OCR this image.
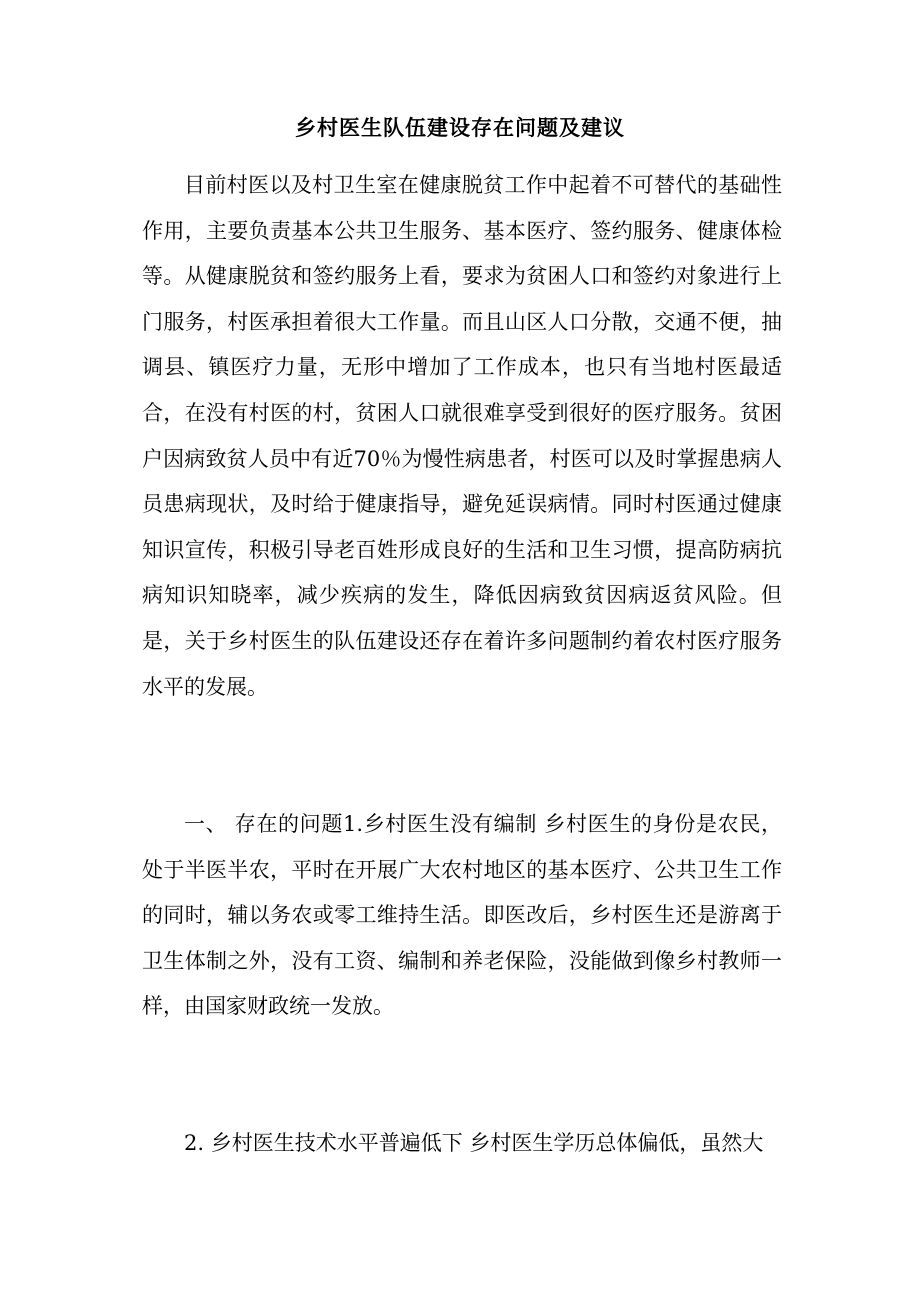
乡村医生队伍建设存在问题及建议

目前村医以及村卫生室在健康脱贫工作中起着不可替代的基础性作用，主要负责基本公共卫生服务、基本医疗、签约服务、健康体检等。从健康脱贫和签约服务上看，要求为贫困人口和签约对象进行上门服务，村医承担着很大工作量。而且山区人口分散，交通不便，抽调县、镇医疗力量，无形中增加了工作成本，也只有当地村医最适合，在没有村医的村，贫困人口就很难享受到很好的医疗服务。贫困户因病致贫人员中有近70％为慢性病患者，村医可以及时掌握患病人员患病现状，及时给于健康指导，避免延误病情。同时村医通过健康知识宣传，积极引导老百姓形成良好的生活和卫生习惯，提高防病抗病知识知晓率，减少疾病的发生，降低因病致贫因病返贫风险。但是，关于乡村医生的队伍建设还存在着许多问题制约着农村医疗服务水平的发展。

一、 存在的问题1.乡村医生没有编制 乡村医生的身份是农民，处于半医半农，平时在开展广大农村地区的基本医疗、公共卫生工作的同时，辅以务农或零工维持生活。即医改后，乡村医生还是游离于卫生体制之外，没有工资、编制和养老保险，没能做到像乡村教师一样，由国家财政统一发放。

2. 乡村医生技术水平普遍低下 乡村医生学历总体偏低，虽然大
